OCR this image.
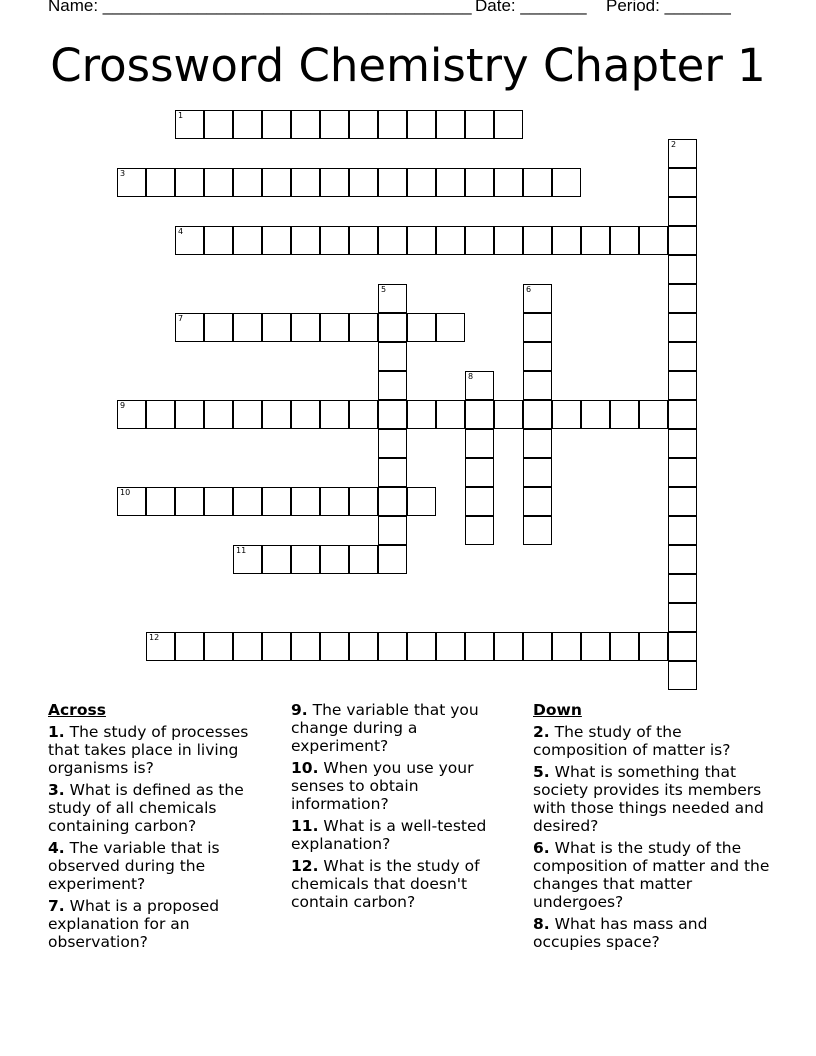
Name: _______________________________________ Date: _______ Period: _______
Crossword Chemistry Chapter 1
1
2
3
4
5	6
7
8
9
10
11
12
Across
1. The study of processes that takes place in living organisms is?
3. What is defined as the study of all chemicals containing carbon?
4. The variable that is observed during the experiment?
7. What is a proposed explanation for an observation?
9. The variable that you change during a experiment?
10. When you use your senses to obtain information?
11. What is a well-tested explanation?
12. What is the study of chemicals that doesn't contain carbon?
Down
2. The study of the composition of matter is?
5. What is something that society provides its members with those things needed and desired?
6. What is the study of the composition of matter and the changes that matter undergoes?
8. What has mass and occupies space?
